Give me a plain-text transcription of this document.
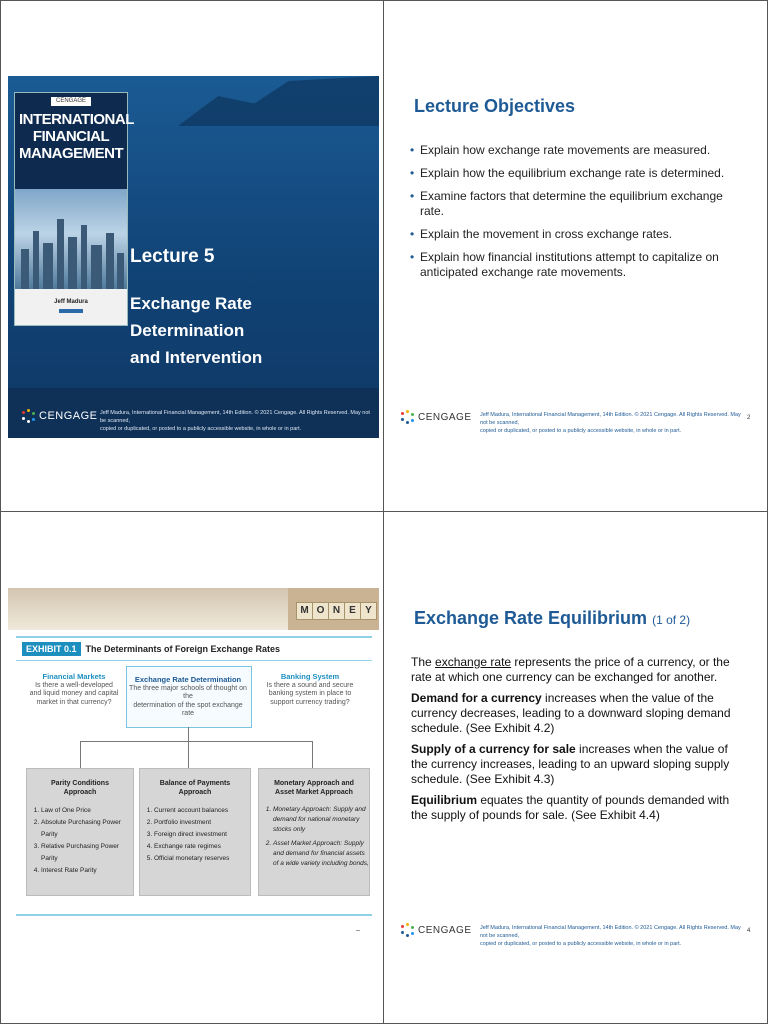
CENGAGE
INTERNATIONAL
FINANCIAL
MANAGEMENT
Jeff Madura
Lecture 5
Exchange Rate Determination
and Intervention
CENGAGE Jeff Madura, International Financial Management, 14th Edition. © 2021 Cengage. All Rights Reserved. May not be scanned,
copied or duplicated, or posted to a publicly accessible website, in whole or in part.
Lecture Objectives
• Explain how exchange rate movements are measured.
• Explain how the equilibrium exchange rate is determined.
• Examine factors that determine the equilibrium exchange rate.
• Explain the movement in cross exchange rates.
• Explain how financial institutions attempt to capitalize on anticipated exchange rate movements.
CENGAGE Jeff Madura, International Financial Management, 14th Edition. © 2021 Cengage. All Rights Reserved. May not be scanned,
copied or duplicated, or posted to a publicly accessible website, in whole or in part.
2
M O N E Y
EXHIBIT 0.1	The Determinants of Foreign Exchange Rates
Financial Markets
Is there a well-developed
and liquid money and capital
market in that currency?
Exchange Rate Determination
The three major schools of thought on the
determination of the spot exchange rate
Banking System
Is there a sound and secure
banking system in place to
support currency trading?
Parity Conditions
Approach
1. Law of One Price
2. Absolute Purchasing Power Parity
3. Relative Purchasing Power Parity
4. Interest Rate Parity
Balance of Payments
Approach
1. Current account balances
2. Portfolio investment
3. Foreign direct investment
4. Exchange rate regimes
5. Official monetary reserves
Monetary Approach and
Asset Market Approach
1. Monetary Approach: Supply and demand for national monetary stocks only
2. Asset Market Approach: Supply and demand for financial assets of a wide variety including bonds,
Exchange Rate Equilibrium (1 of 2)

The exchange rate represents the price of a currency, or the rate at which one currency can be exchanged for another.

Demand for a currency increases when the value of the currency decreases, leading to a downward sloping demand schedule. (See Exhibit 4.2)

Supply of a currency for sale increases when the value of the currency increases, leading to an upward sloping supply schedule. (See Exhibit 4.3)

Equilibrium equates the quantity of pounds demanded with the supply of pounds for sale. (See Exhibit 4.4)

CENGAGE Jeff Madura, International Financial Management, 14th Edition. © 2021 Cengage. All Rights Reserved. May not be scanned,
copied or duplicated, or posted to a publicly accessible website, in whole or in part.
4
